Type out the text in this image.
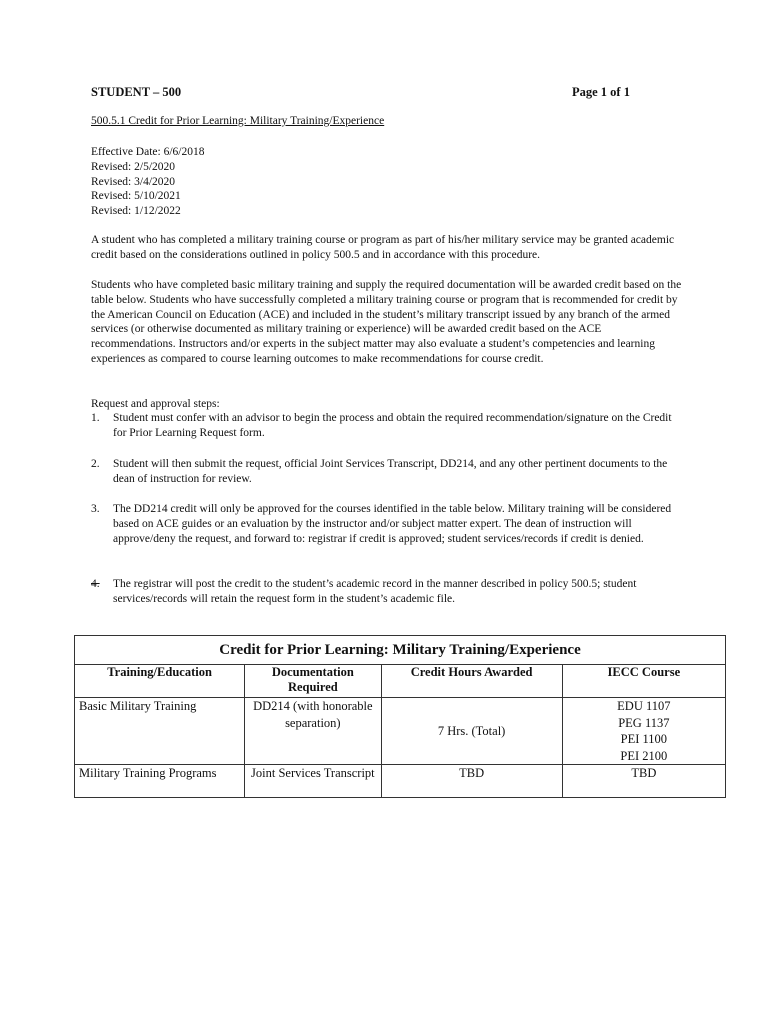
STUDENT – 500	Page 1 of 1
500.5.1 Credit for Prior Learning: Military Training/Experience
Effective Date: 6/6/2018
Revised: 2/5/2020
Revised: 3/4/2020
Revised: 5/10/2021
Revised: 1/12/2022
A student who has completed a military training course or program as part of his/her military service may be granted academic credit based on the considerations outlined in policy 500.5 and in accordance with this procedure.
Students who have completed basic military training and supply the required documentation will be awarded credit based on the table below. Students who have successfully completed a military training course or program that is recommended for credit by the American Council on Education (ACE) and included in the student’s military transcript issued by any branch of the armed services (or otherwise documented as military training or experience) will be awarded credit based on the ACE recommendations. Instructors and/or experts in the subject matter may also evaluate a student’s competencies and learning experiences as compared to course learning outcomes to make recommendations for course credit.
Request and approval steps:
1. Student must confer with an advisor to begin the process and obtain the required recommendation/signature on the Credit for Prior Learning Request form.
2. Student will then submit the request, official Joint Services Transcript, DD214, and any other pertinent documents to the dean of instruction for review.
3. The DD214 credit will only be approved for the courses identified in the table below. Military training will be considered based on ACE guides or an evaluation by the instructor and/or subject matter expert. The dean of instruction will approve/deny the request, and forward to: registrar if credit is approved; student services/records if credit is denied.
4. The registrar will post the credit to the student’s academic record in the manner described in policy 500.5; student services/records will retain the request form in the student’s academic file.
Credit for Prior Learning: Military Training/Experience			
Training/Education	Documentation Required	Credit Hours Awarded	IECC Course
Basic Military Training	DD214 (with honorable separation)	7 Hrs. (Total)	EDU 1107
PEG 1137
PEI 1100
PEI 2100

Military Training Programs	Joint Services Transcript	TBD	TBD
